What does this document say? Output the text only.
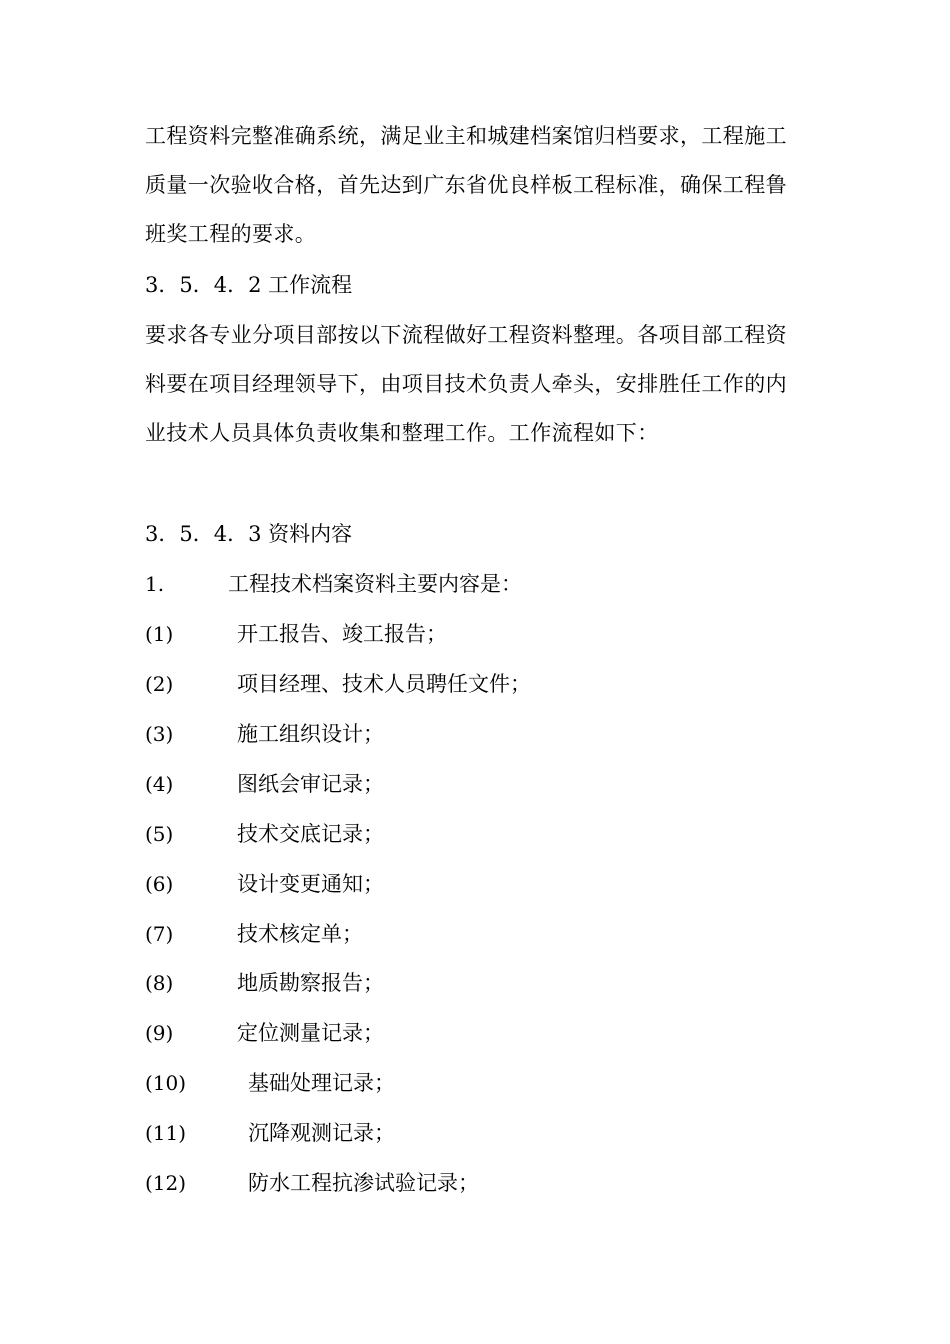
工程资料完整准确系统，满足业主和城建档案馆归档要求，工程施工
质量一次验收合格，首先达到广东省优良样板工程标准，确保工程鲁
班奖工程的要求。

3．5．4．2 工作流程

要求各专业分项目部按以下流程做好工程资料整理。各项目部工程资
料要在项目经理领导下，由项目技术负责人牵头，安排胜任工作的内
业技术人员具体负责收集和整理工作。工作流程如下：

3．5．4．3 资料内容

1.	工程技术档案资料主要内容是：
(1)	开工报告、竣工报告；
(2)	项目经理、技术人员聘任文件；
(3)	施工组织设计；
(4)	图纸会审记录；
(5)	技术交底记录；
(6)	设计变更通知；
(7)	技术核定单；
(8)	地质勘察报告；
(9)	定位测量记录；
(10)	基础处理记录；
(11)	沉降观测记录；
(12)	防水工程抗渗试验记录；
